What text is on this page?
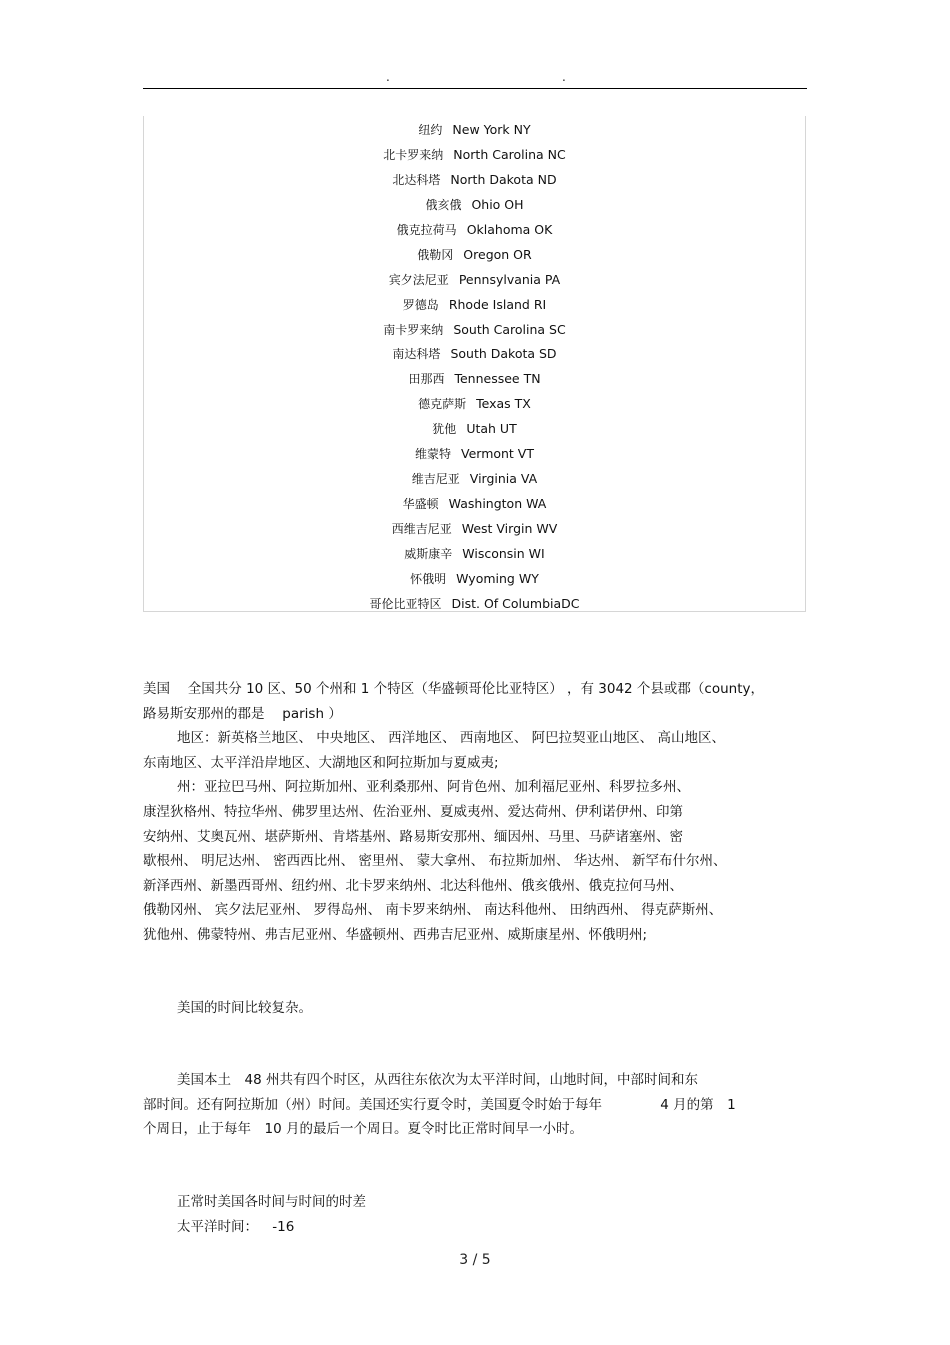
.	.
纽约 New York NY
北卡罗来纳 North Carolina NC
北达科塔 North Dakota ND
俄亥俄 Ohio OH
俄克拉荷马 Oklahoma OK
俄勒冈 Oregon OR
宾夕法尼亚 Pennsylvania PA
罗德岛 Rhode Island RI
南卡罗来纳 South Carolina SC
南达科塔 South Dakota SD
田那西 Tennessee TN
德克萨斯 Texas TX
犹他 Utah UT
维蒙特 Vermont VT
维吉尼亚 Virginia VA
华盛顿 Washington WA
西维吉尼亚 West Virgin WV
威斯康辛 Wisconsin WI
怀俄明 Wyoming WY
哥伦比亚特区 Dist. Of ColumbiaDC

美国　 全国共分 10 区、50 个州和 1 个特区（华盛顿哥伦比亚特区） ，有 3042 个县或郡（county，

路易斯安那州的郡是　 parish ）

地区：新英格兰地区、 中央地区、 西洋地区、 西南地区、 阿巴拉契亚山地区、 高山地区、

东南地区、太平洋沿岸地区、大湖地区和阿拉斯加与夏威夷;

州：亚拉巴马州、阿拉斯加州、亚利桑那州、阿肯色州、加利福尼亚州、科罗拉多州、

康涅狄格州、特拉华州、佛罗里达州、佐治亚州、夏威夷州、爱达荷州、伊利诺伊州、印第

安纳州、艾奥瓦州、堪萨斯州、肯塔基州、路易斯安那州、缅因州、马里、马萨诸塞州、密

歇根州、 明尼达州、 密西西比州、 密里州、 蒙大拿州、 布拉斯加州、 华达州、 新罕布什尔州、

新泽西州、新墨西哥州、纽约州、北卡罗来纳州、北达科他州、俄亥俄州、俄克拉何马州、

俄勒冈州、 宾夕法尼亚州、 罗得岛州、 南卡罗来纳州、 南达科他州、 田纳西州、 得克萨斯州、

犹他州、佛蒙特州、弗吉尼亚州、华盛顿州、西弗吉尼亚州、威斯康星州、怀俄明州;

美国的时间比较复杂。

美国本土　48 州共有四个时区，从西往东依次为太平洋时间，山地时间，中部时间和东

部时间。还有阿拉斯加（州）时间。美国还实行夏令时，美国夏令时始于每年　　　　 4 月的第　1

个周日，止于每年　10 月的最后一个周日。夏令时比正常时间早一小时。

正常时美国各时间与时间的时差

太平洋时间： -16

3 / 5
